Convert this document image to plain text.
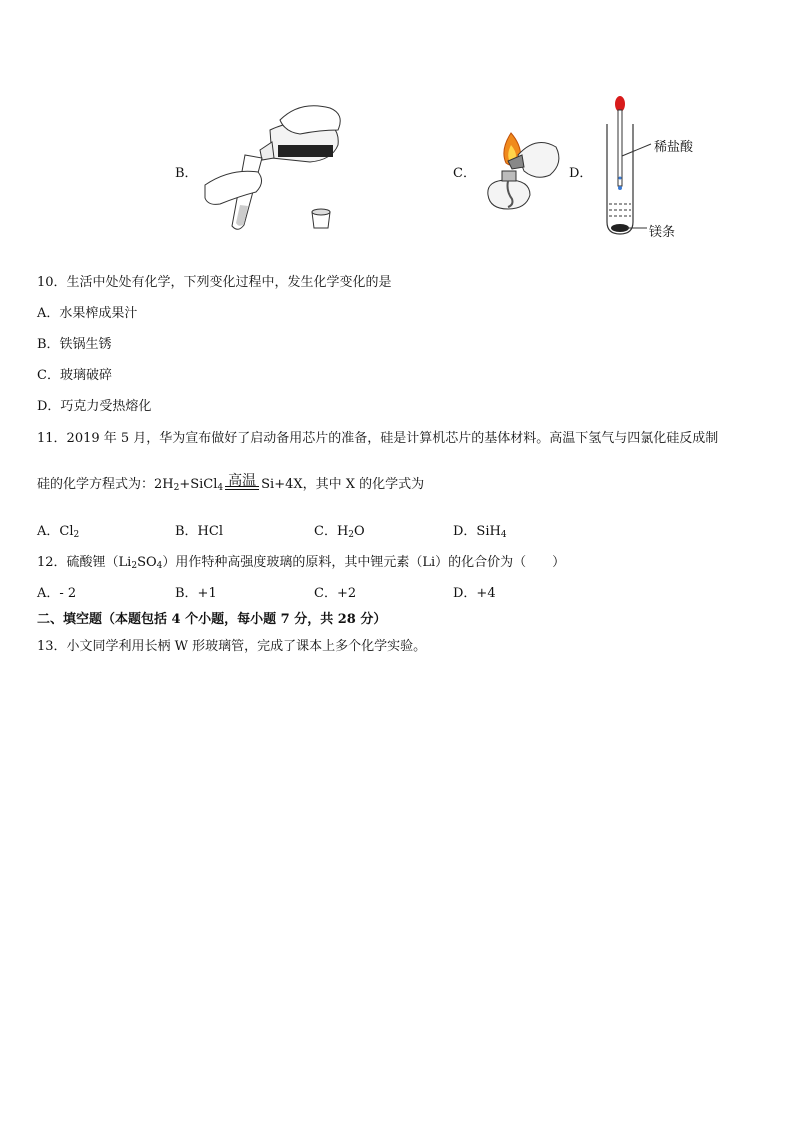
B．	C．	D．
稀盐酸
镁条
10．生活中处处有化学，下列变化过程中，发生化学变化的是
A．水果榨成果汁
B．铁锅生锈
C．玻璃破碎
D．巧克力受热熔化
11．2019 年 5 月，华为宣布做好了启动备用芯片的准备，硅是计算机芯片的基体材料。高温下氢气与四氯化硅反成制
硅的化学方程式为：$2H_2+SiCl_4$ 高温 Si+4X，其中 X 的化学式为
A．$Cl_2$	B．HCl	C．$H_2O$	D．SiH$_4$
12．硫酸锂$(Li_2SO_4)$用作特种高强度玻璃的原料，其中锂元素（Li）的化合价为（　　）
A．- 2	B．+1	C．+2	D．+4
二、填空题（本题包括 4 个小题，每小题 7 分，共 28 分）
13．小文同学利用长柄 W 形玻璃管，完成了课本上多个化学实验。
